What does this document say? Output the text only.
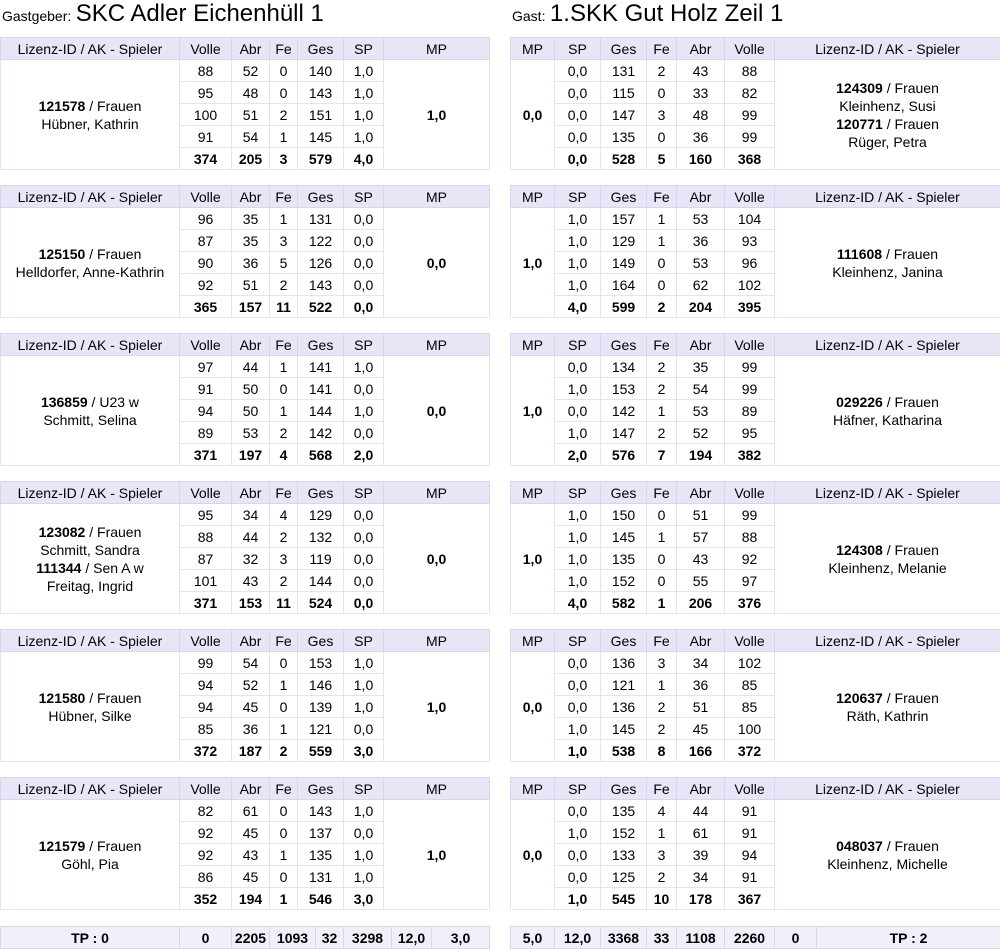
Gastgeber: SKC Adler Eichenhüll 1	Gast: 1.SKK Gut Holz Zeil 1
Lizenz-ID / AK - Spieler	Volle	Abr	Fe	Ges	SP	MP

121578 / Frauen
Hübner, Kathrin	88	52	0	140	1,0	1,0
	95	48	0	143	1,0	
	100	51	2	151	1,0	
	91	54	1	145	1,0	
	374	205	3	579	4,0	
MP	SP	Ges	Fe	Abr	Volle	Lizenz-ID / AK - Spieler
0,0	0,0	131	2	43	88	124309 / Frauen
Kleinhenz, Susi
120771 / Frauen
Rüger, Petra

	0,0	115	0	33	82	
	0,0	147	3	48	99	
	0,0	135	0	36	99	
	0,0	528	5	160	368	
Lizenz-ID / AK - Spieler	Volle	Abr	Fe	Ges	SP	MP

125150 / Frauen
Helldorfer, Anne-Kathrin	96	35	1	131	0,0	0,0
	87	35	3	122	0,0	
	90	36	5	126	0,0	
	92	51	2	143	0,0	
	365	157	11	522	0,0	
MP	SP	Ges	Fe	Abr	Volle	Lizenz-ID / AK - Spieler
1,0	1,0	157	1	53	104	111608 / Frauen
Kleinhenz, Janina

	1,0	129	1	36	93	
	1,0	149	0	53	96	
	1,0	164	0	62	102	
	4,0	599	2	204	395	
Lizenz-ID / AK - Spieler	Volle	Abr	Fe	Ges	SP	MP

136859 / U23 w
Schmitt, Selina	97	44	1	141	1,0	0,0
	91	50	0	141	0,0	
	94	50	1	144	1,0	
	89	53	2	142	0,0	
	371	197	4	568	2,0	
MP	SP	Ges	Fe	Abr	Volle	Lizenz-ID / AK - Spieler
1,0	0,0	134	2	35	99	029226 / Frauen
Häfner, Katharina

	1,0	153	2	54	99	
	0,0	142	1	53	89	
	1,0	147	2	52	95	
	2,0	576	7	194	382	
Lizenz-ID / AK - Spieler	Volle	Abr	Fe	Ges	SP	MP

123082 / Frauen
Schmitt, Sandra
111344 / Sen A w
Freitag, Ingrid	95	34	4	129	0,0	0,0
	88	44	2	132	0,0	
	87	32	3	119	0,0	
	101	43	2	144	0,0	
	371	153	11	524	0,0	
MP	SP	Ges	Fe	Abr	Volle	Lizenz-ID / AK - Spieler
1,0	1,0	150	0	51	99	124308 / Frauen
Kleinhenz, Melanie

	1,0	145	1	57	88	
	1,0	135	0	43	92	
	1,0	152	0	55	97	
	4,0	582	1	206	376	
Lizenz-ID / AK - Spieler	Volle	Abr	Fe	Ges	SP	MP

121580 / Frauen
Hübner, Silke	99	54	0	153	1,0	1,0
	94	52	1	146	1,0	
	94	45	0	139	1,0	
	85	36	1	121	0,0	
	372	187	2	559	3,0	
MP	SP	Ges	Fe	Abr	Volle	Lizenz-ID / AK - Spieler
0,0	0,0	136	3	34	102	120637 / Frauen
Räth, Kathrin

	0,0	121	1	36	85	
	0,0	136	2	51	85	
	1,0	145	2	45	100	
	1,0	538	8	166	372	
Lizenz-ID / AK - Spieler	Volle	Abr	Fe	Ges	SP	MP

121579 / Frauen
Göhl, Pia	82	61	0	143	1,0	1,0
	92	45	0	137	0,0	
	92	43	1	135	1,0	
	86	45	0	131	1,0	
	352	194	1	546	3,0	
MP	SP	Ges	Fe	Abr	Volle	Lizenz-ID / AK - Spieler
0,0	0,0	135	4	44	91	048037 / Frauen
Kleinhenz, Michelle

	1,0	152	1	61	91	
	0,0	133	3	39	94	
	0,0	125	2	34	91	
	1,0	545	10	178	367	
TP : 0	0	2205	1093	32	3298	12,0	3,0	5,0	12,0	3368	33	1108	2260	0	TP : 2
